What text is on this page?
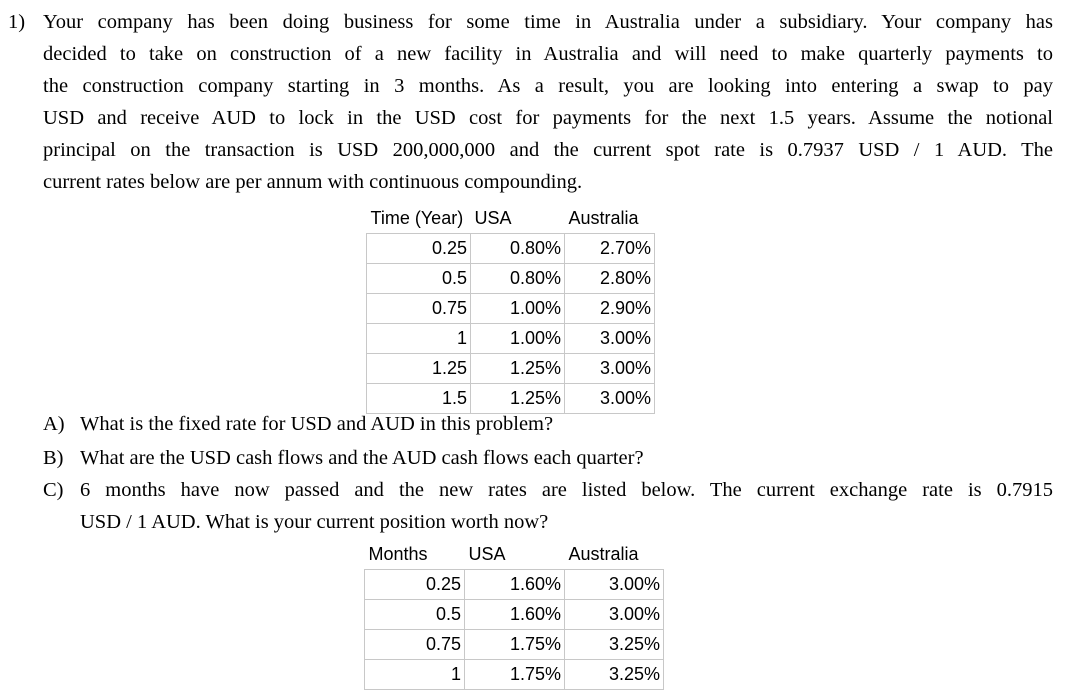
1) Your company has been doing business for some time in Australia under a subsidiary. Your company has
decided to take on construction of a new facility in Australia and will need to make quarterly payments to
the construction company starting in 3 months. As a result, you are looking into entering a swap to pay
USD and receive AUD to lock in the USD cost for payments for the next 1.5 years. Assume the notional
principal on the transaction is USD 200,000,000 and the current spot rate is 0.7937 USD / 1 AUD. The
current rates below are per annum with continuous compounding.
Time (Year)	USA	Australia
0.25	0.80%	2.70%
0.5	0.80%	2.80%
0.75	1.00%	2.90%
1	1.00%	3.00%
1.25	1.25%	3.00%
1.5	1.25%	3.00%
A) What is the fixed rate for USD and AUD in this problem?
B) What are the USD cash flows and the AUD cash flows each quarter?
C) 6 months have now passed and the new rates are listed below. The current exchange rate is 0.7915
USD / 1 AUD. What is your current position worth now?
Months	USA	Australia
0.25	1.60%	3.00%
0.5	1.60%	3.00%
0.75	1.75%	3.25%
1	1.75%	3.25%
